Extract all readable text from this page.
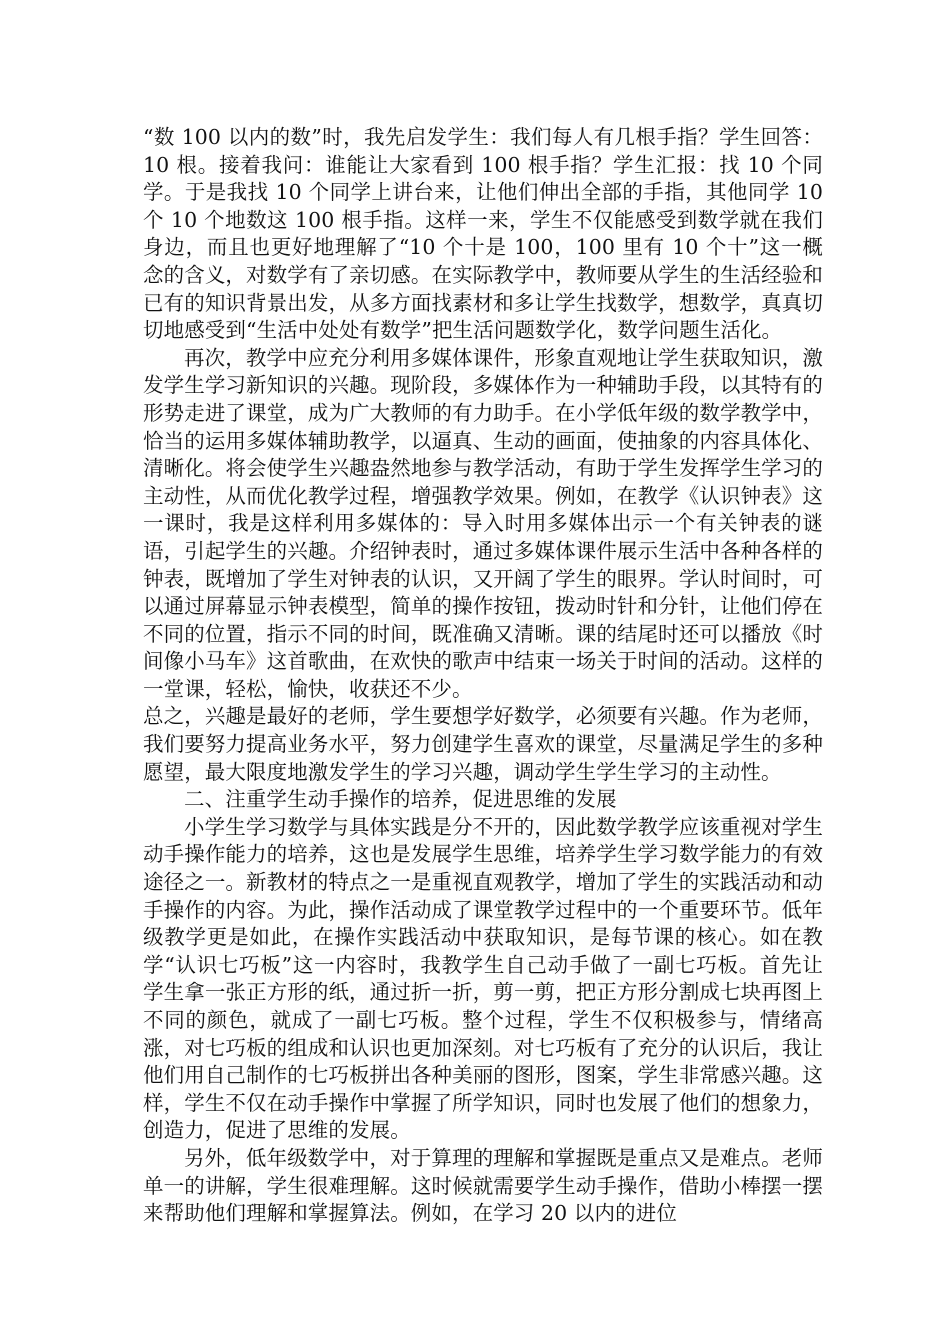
“数 100 以内的数”时，我先启发学生：我们每人有几根手指？学生回答：10 根。接着我问：谁能让大家看到 100 根手指？学生汇报：找 10 个同学。于是我找 10 个同学上讲台来，让他们伸出全部的手指，其他同学 10 个 10 个地数这 100 根手指。这样一来，学生不仅能感受到数学就在我们身边，而且也更好地理解了“10 个十是 100，100 里有 10 个十”这一概念的含义，对数学有了亲切感。在实际教学中，教师要从学生的生活经验和已有的知识背景出发，从多方面找素材和多让学生找数学，想数学，真真切切地感受到“生活中处处有数学”把生活问题数学化，数学问题生活化。

再次，教学中应充分利用多媒体课件，形象直观地让学生获取知识，激发学生学习新知识的兴趣。现阶段，多媒体作为一种辅助手段，以其特有的形势走进了课堂，成为广大教师的有力助手。在小学低年级的数学教学中，恰当的运用多媒体辅助教学，以逼真、生动的画面，使抽象的内容具体化、清晰化。将会使学生兴趣盎然地参与教学活动，有助于学生发挥学生学习的主动性，从而优化教学过程，增强教学效果。例如，在教学《认识钟表》这一课时，我是这样利用多媒体的：导入时用多媒体出示一个有关钟表的谜语，引起学生的兴趣。介绍钟表时，通过多媒体课件展示生活中各种各样的钟表，既增加了学生对钟表的认识，又开阔了学生的眼界。学认时间时，可以通过屏幕显示钟表模型，简单的操作按钮，拨动时针和分针，让他们停在不同的位置，指示不同的时间，既准确又清晰。课的结尾时还可以播放《时间像小马车》这首歌曲，在欢快的歌声中结束一场关于时间的活动。这样的一堂课，轻松，愉快，收获还不少。

总之，兴趣是最好的老师，学生要想学好数学，必须要有兴趣。作为老师，我们要努力提高业务水平，努力创建学生喜欢的课堂，尽量满足学生的多种愿望，最大限度地激发学生的学习兴趣，调动学生学生学习的主动性。

二、注重学生动手操作的培养，促进思维的发展

小学生学习数学与具体实践是分不开的，因此数学教学应该重视对学生动手操作能力的培养，这也是发展学生思维，培养学生学习数学能力的有效途径之一。新教材的特点之一是重视直观教学，增加了学生的实践活动和动手操作的内容。为此，操作活动成了课堂教学过程中的一个重要环节。低年级教学更是如此，在操作实践活动中获取知识，是每节课的核心。如在教学“认识七巧板”这一内容时，我教学生自己动手做了一副七巧板。首先让学生拿一张正方形的纸，通过折一折，剪一剪，把正方形分割成七块再图上不同的颜色，就成了一副七巧板。整个过程，学生不仅积极参与，情绪高涨，对七巧板的组成和认识也更加深刻。对七巧板有了充分的认识后，我让他们用自己制作的七巧板拼出各种美丽的图形，图案，学生非常感兴趣。这样，学生不仅在动手操作中掌握了所学知识，同时也发展了他们的想象力，创造力，促进了思维的发展。

另外，低年级数学中，对于算理的理解和掌握既是重点又是难点。老师单一的讲解，学生很难理解。这时候就需要学生动手操作，借助小棒摆一摆来帮助他们理解和掌握算法。例如，在学习 20 以内的进位
